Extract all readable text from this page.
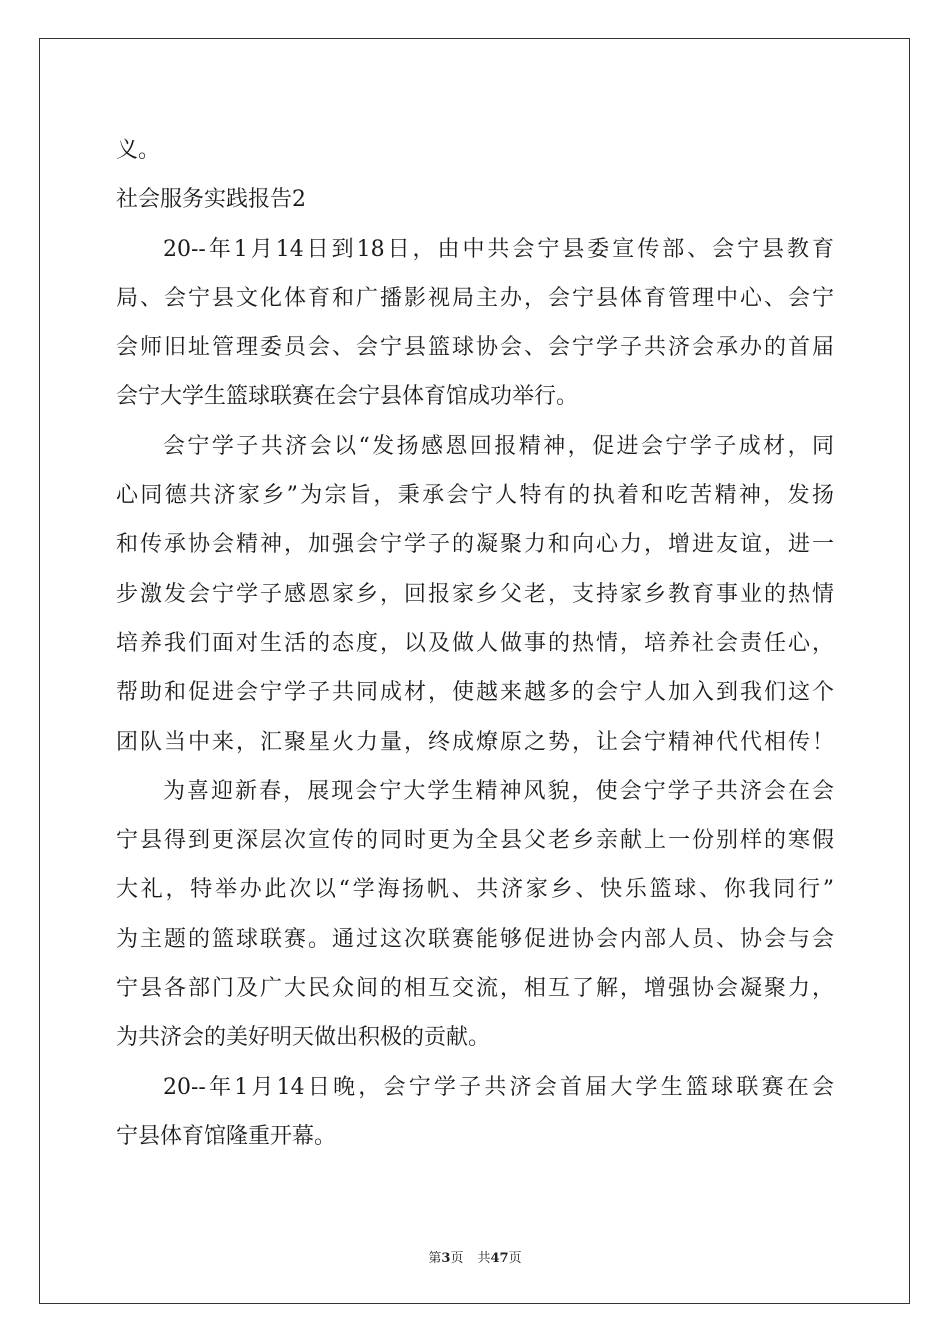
义。
社会服务实践报告2
20--年1月14日到18日，由中共会宁县委宣传部、会宁县教育
局、会宁县文化体育和广播影视局主办，会宁县体育管理中心、会宁
会师旧址管理委员会、会宁县篮球协会、会宁学子共济会承办的首届
会宁大学生篮球联赛在会宁县体育馆成功举行。
会宁学子共济会以“发扬感恩回报精神，促进会宁学子成材，同
心同德共济家乡”为宗旨，秉承会宁人特有的执着和吃苦精神，发扬
和传承协会精神，加强会宁学子的凝聚力和向心力，增进友谊，进一
步激发会宁学子感恩家乡，回报家乡父老，支持家乡教育事业的热情
培养我们面对生活的态度，以及做人做事的热情，培养社会责任心，
帮助和促进会宁学子共同成材，使越来越多的会宁人加入到我们这个
团队当中来，汇聚星火力量，终成燎原之势，让会宁精神代代相传！
为喜迎新春，展现会宁大学生精神风貌，使会宁学子共济会在会
宁县得到更深层次宣传的同时更为全县父老乡亲献上一份别样的寒假
大礼，特举办此次以“学海扬帆、共济家乡、快乐篮球、你我同行”
为主题的篮球联赛。通过这次联赛能够促进协会内部人员、协会与会
宁县各部门及广大民众间的相互交流，相互了解，增强协会凝聚力，
为共济会的美好明天做出积极的贡献。
20--年1月14日晚，会宁学子共济会首届大学生篮球联赛在会
宁县体育馆隆重开幕。
第3页 共47页
